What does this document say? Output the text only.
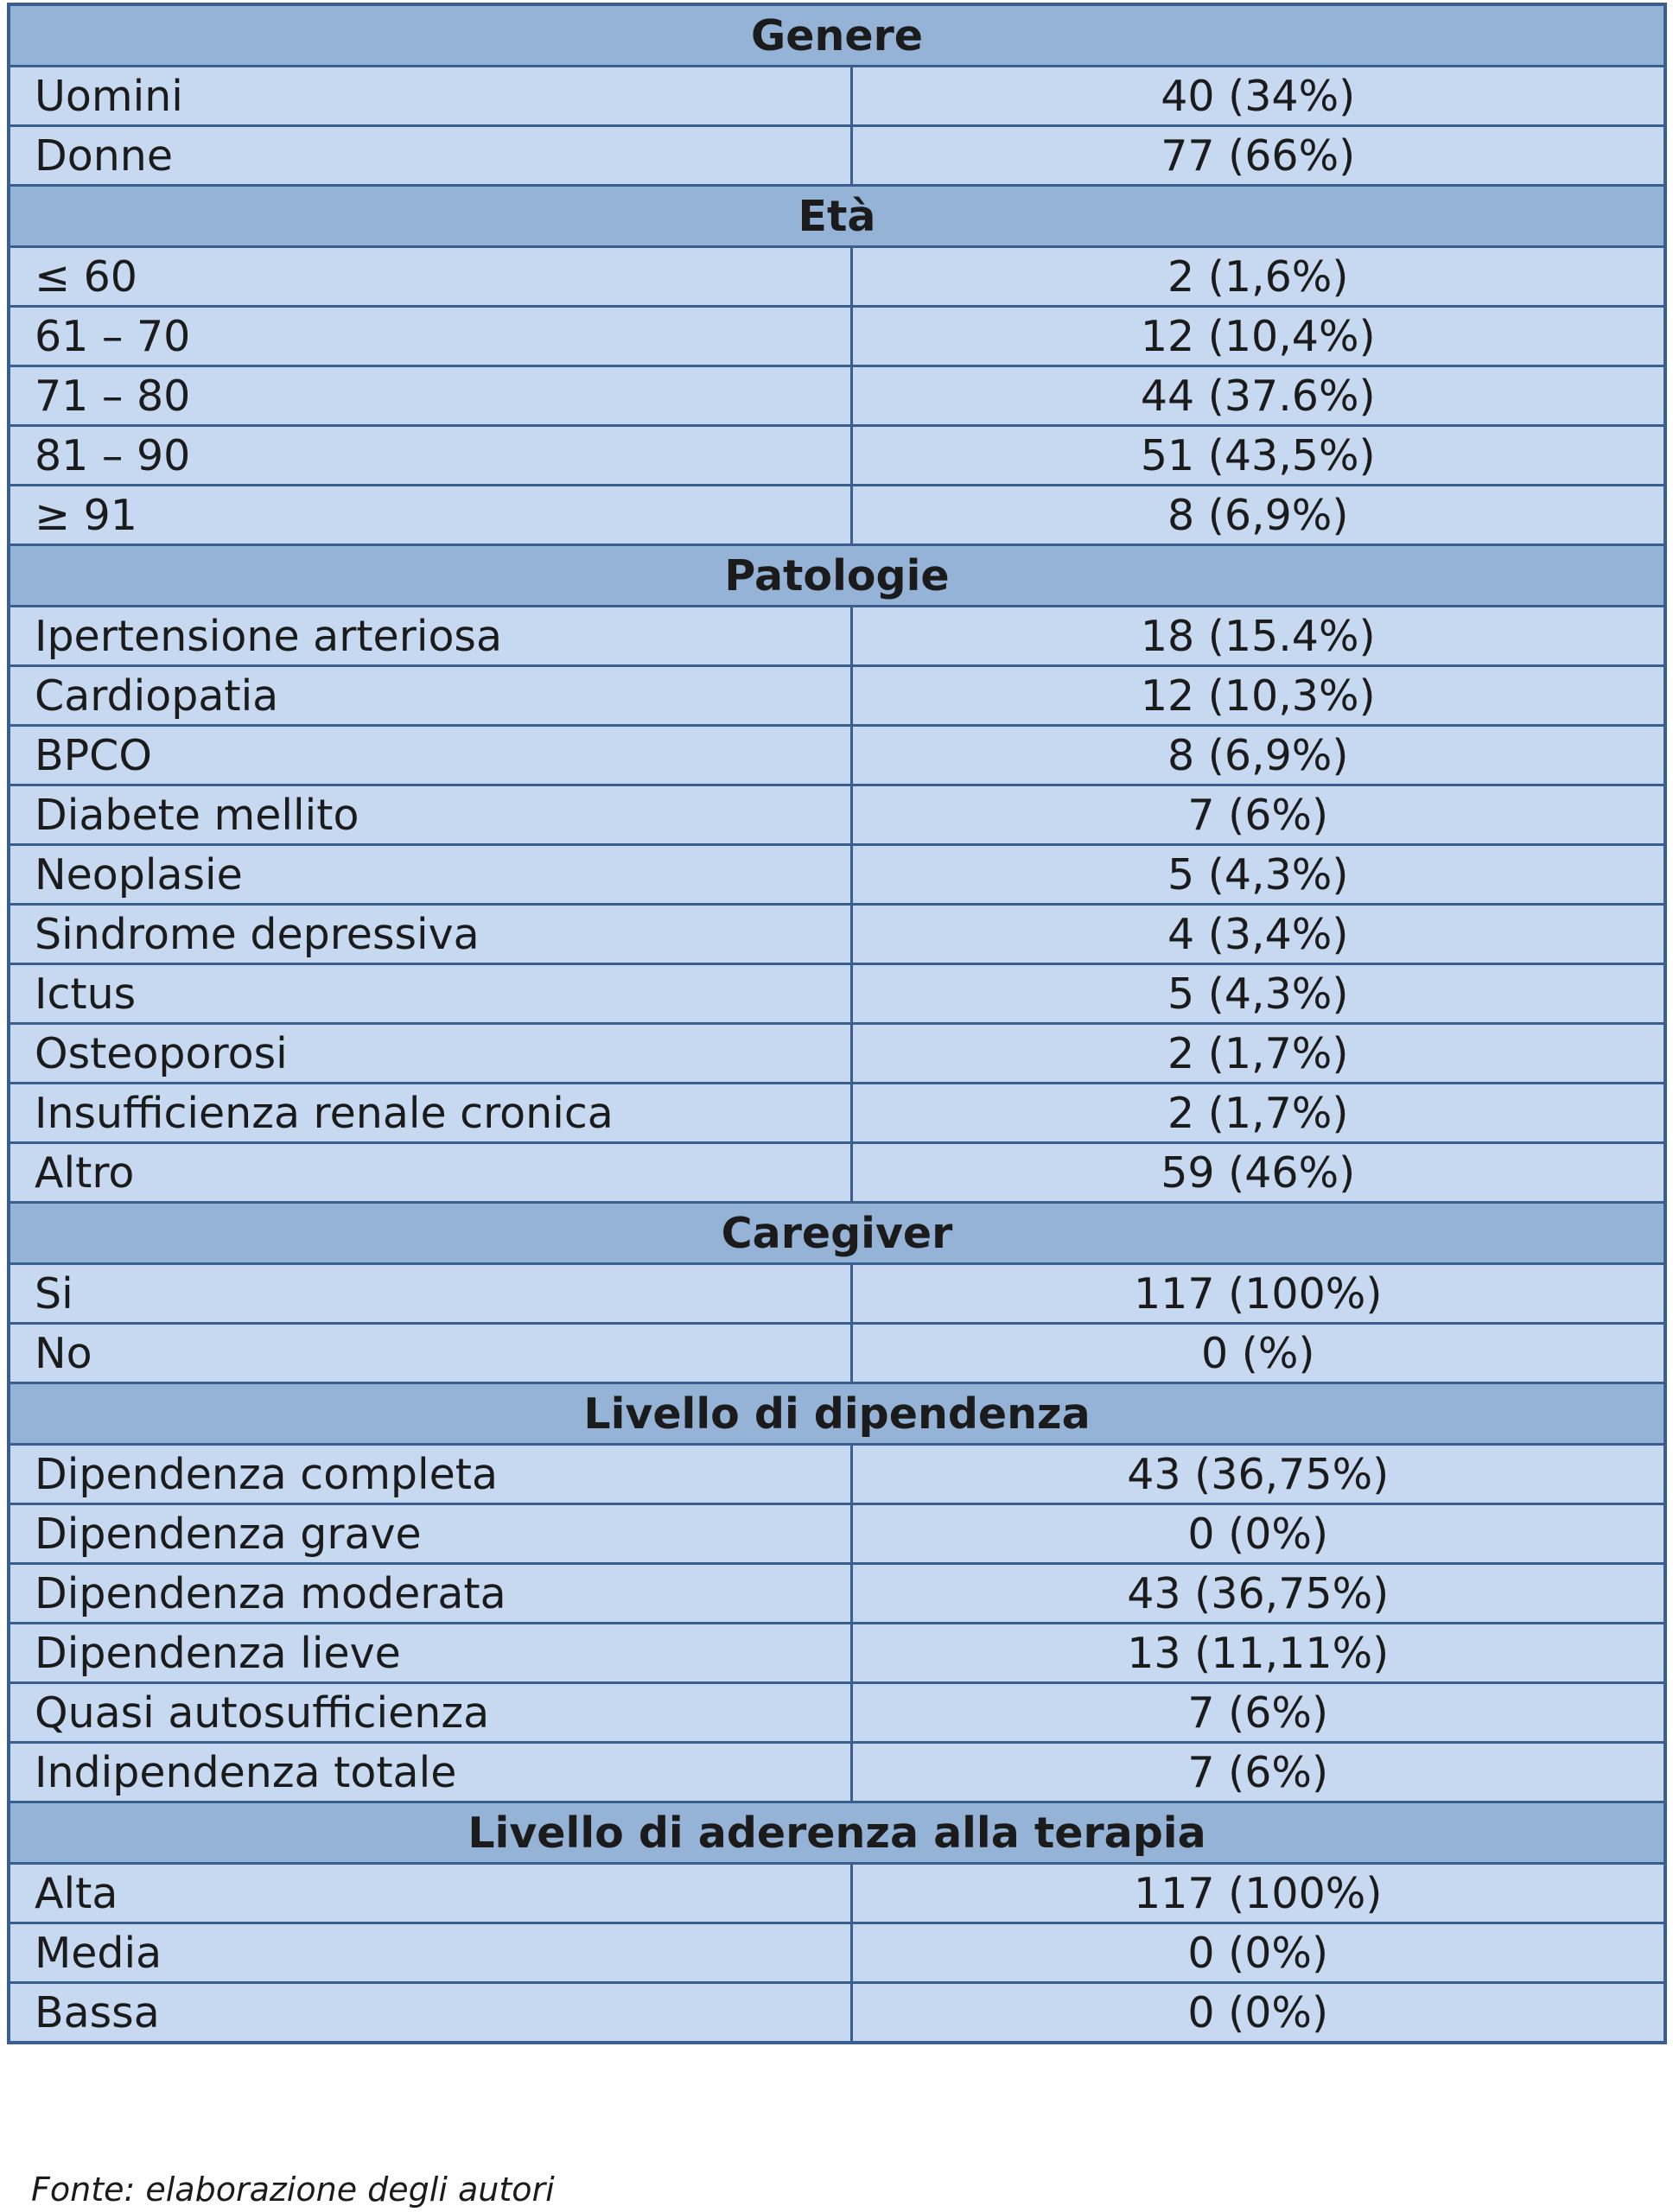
Genere	
Uomini	40 (34%)
Donne	77 (66%)
Età	
≤ 60	2 (1,6%)
61 – 70	12 (10,4%)
71 – 80	44 (37.6%)
81 – 90	51 (43,5%)
≥ 91	8 (6,9%)
Patologie	
Ipertensione arteriosa	18 (15.4%)
Cardiopatia	12 (10,3%)
BPCO	8 (6,9%)
Diabete mellito	7 (6%)
Neoplasie	5 (4,3%)
Sindrome depressiva	4 (3,4%)
Ictus	5 (4,3%)
Osteoporosi	2 (1,7%)
Insufficienza renale cronica	2 (1,7%)
Altro	59 (46%)
Caregiver	
Si	117 (100%)
No	0 (%)
Livello di dipendenza	
Dipendenza completa	43 (36,75%)
Dipendenza grave	0 (0%)
Dipendenza moderata	43 (36,75%)
Dipendenza lieve	13 (11,11%)
Quasi autosufficienza	7 (6%)
Indipendenza totale	7 (6%)
Livello di aderenza alla terapia	
Alta	117 (100%)
Media	0 (0%)
Bassa	0 (0%)
Fonte: elaborazione degli autori
